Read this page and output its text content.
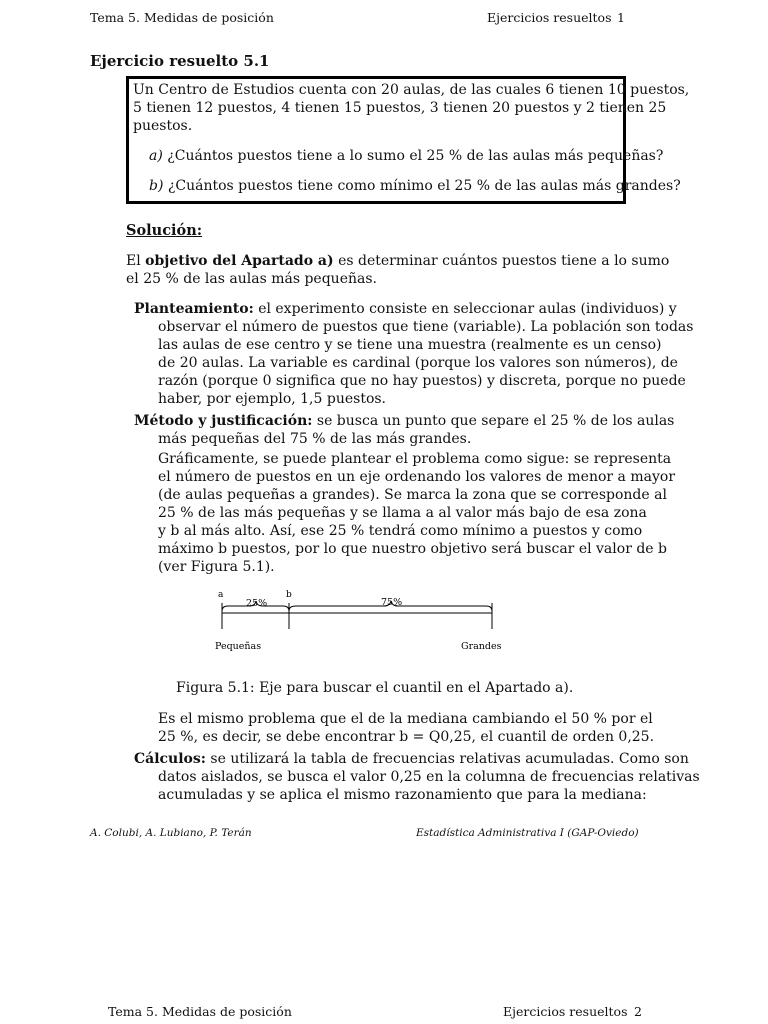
Tema 5. Medidas de posición	Ejercicios resueltos 1
Ejercicio resuelto 5.1
Un Centro de Estudios cuenta con 20 aulas, de las cuales 6 tienen 10 puestos,
5 tienen 12 puestos, 4 tienen 15 puestos, 3 tienen 20 puestos y 2 tienen 25
puestos.
a) ¿Cuántos puestos tiene a lo sumo el 25 % de las aulas más pequeñas?
b) ¿Cuántos puestos tiene como mínimo el 25 % de las aulas más grandes?
Solución:
El objetivo del Apartado a) es determinar cuántos puestos tiene a lo sumo
el 25 % de las aulas más pequeñas.
Planteamiento: el experimento consiste en seleccionar aulas (individuos) y
observar el número de puestos que tiene (variable). La población son todas
las aulas de ese centro y se tiene una muestra (realmente es un censo)
de 20 aulas. La variable es cardinal (porque los valores son números), de
razón (porque 0 significa que no hay puestos) y discreta, porque no puede
haber, por ejemplo, 1,5 puestos.
Método y justificación: se busca un punto que separe el 25 % de los aulas
más pequeñas del 75 % de las más grandes.
Gráficamente, se puede plantear el problema como sigue: se representa
el número de puestos en un eje ordenando los valores de menor a mayor
(de aulas pequeñas a grandes). Se marca la zona que se corresponde al
25 % de las más pequeñas y se llama a al valor más bajo de esa zona
y b al más alto. Así, ese 25 % tendrá como mínimo a puestos y como
máximo b puestos, por lo que nuestro objetivo será buscar el valor de b
(ver Figura 5.1).
a	b
25%	75%
Pequeñas	Grandes
Figura 5.1: Eje para buscar el cuantil en el Apartado a).
Es el mismo problema que el de la mediana cambiando el 50 % por el
25 %, es decir, se debe encontrar b = Q0,25, el cuantil de orden 0,25.
Cálculos: se utilizará la tabla de frecuencias relativas acumuladas. Como son
datos aislados, se busca el valor 0,25 en la columna de frecuencias relativas
acumuladas y se aplica el mismo razonamiento que para la mediana:
A. Colubi, A. Lubiano, P. Terán	Estadística Administrativa I (GAP-Oviedo)
Tema 5. Medidas de posición	Ejercicios resueltos 2
